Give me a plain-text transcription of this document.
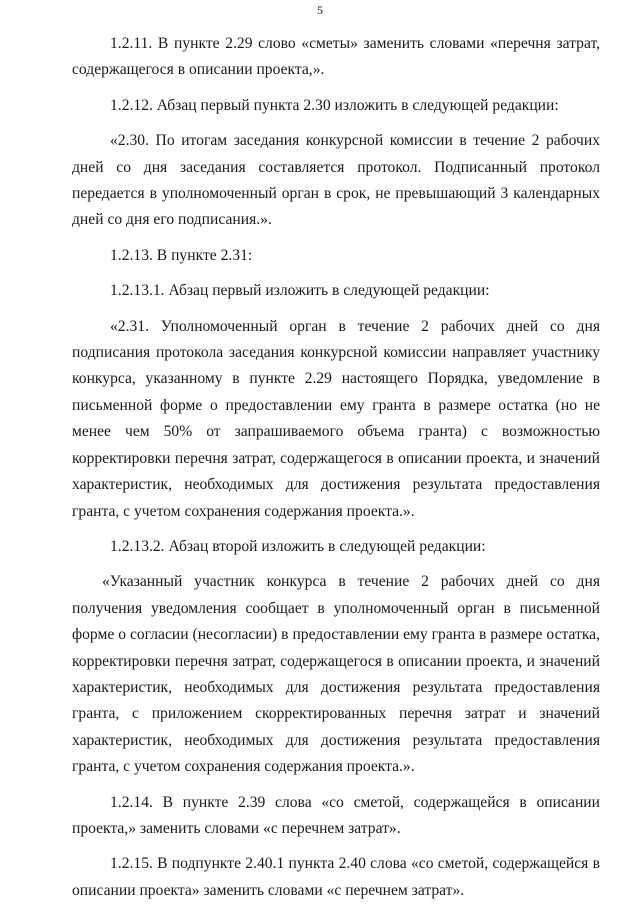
5

1.2.11. В пункте 2.29 слово «сметы» заменить словами «перечня затрат, содержащегося в описании проекта,».

1.2.12. Абзац первый пункта 2.30 изложить в следующей редакции:

«2.30. По итогам заседания конкурсной комиссии в течение 2 рабочих дней со дня заседания составляется протокол. Подписанный протокол передается в уполномоченный орган в срок, не превышающий 3 календарных дней со дня его подписания.».

1.2.13. В пункте 2.31:

1.2.13.1. Абзац первый изложить в следующей редакции:

«2.31. Уполномоченный орган в течение 2 рабочих дней со дня подписания протокола заседания конкурсной комиссии направляет участнику конкурса, указанному в пункте 2.29 настоящего Порядка, уведомление в письменной форме о предоставлении ему гранта в размере остатка (но не менее чем 50% от запрашиваемого объема гранта) с возможностью корректировки перечня затрат, содержащегося в описании проекта, и значений характеристик, необходимых для достижения результата предоставления гранта, с учетом сохранения содержания проекта.».

1.2.13.2. Абзац второй изложить в следующей редакции:

«Указанный участник конкурса в течение 2 рабочих дней со дня получения уведомления сообщает в уполномоченный орган в письменной форме о согласии (несогласии) в предоставлении ему гранта в размере остатка, корректировки перечня затрат, содержащегося в описании проекта, и значений характеристик, необходимых для достижения результата предоставления гранта, с приложением скорректированных перечня затрат и значений характеристик, необходимых для достижения результата предоставления гранта, с учетом сохранения содержания проекта.».

1.2.14. В пункте 2.39 слова «со сметой, содержащейся в описании проекта,» заменить словами «с перечнем затрат».

1.2.15. В подпункте 2.40.1 пункта 2.40 слова «со сметой, содержащейся в описании проекта» заменить словами «с перечнем затрат».
